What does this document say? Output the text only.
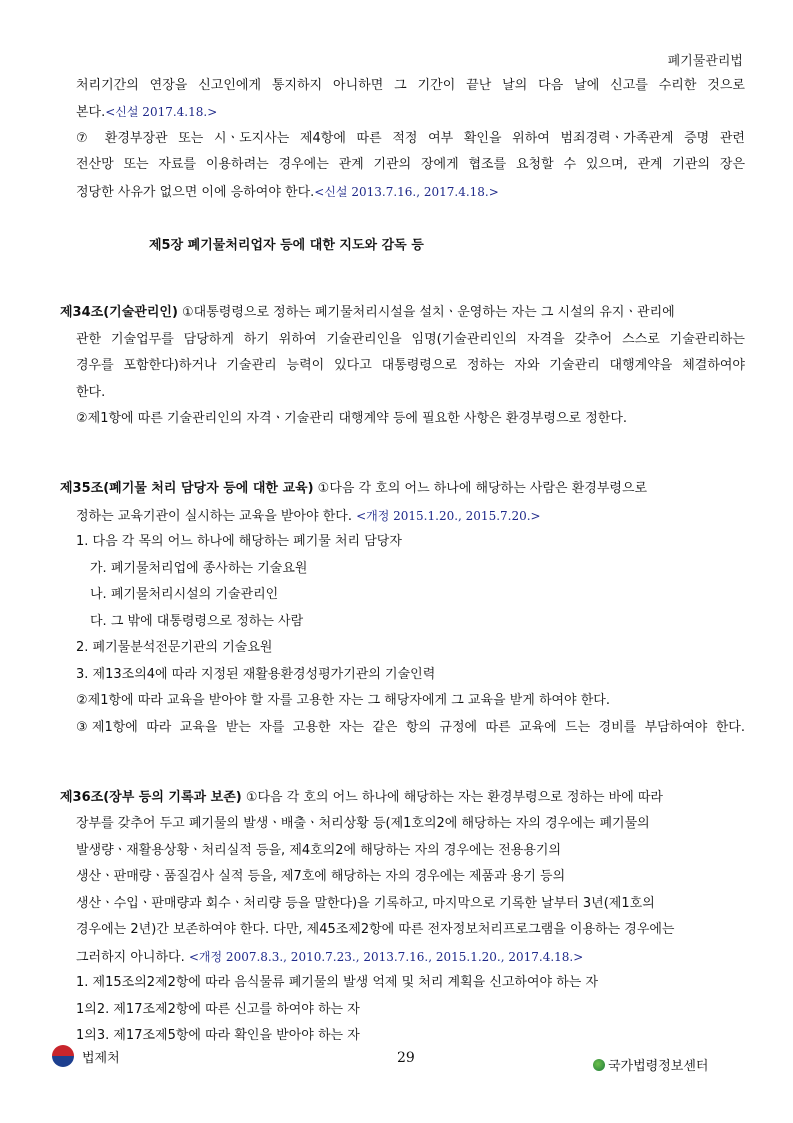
폐기물관리법
처리기간의 연장을 신고인에게 통지하지 아니하면 그 기간이 끝난 날의 다음 날에 신고를 수리한 것으로
본다.<신설 2017.4.18.>
⑦ 환경부장관 또는 시ㆍ도지사는 제4항에 따른 적정 여부 확인을 위하여 범죄경력ㆍ가족관계 증명 관련
전산망 또는 자료를 이용하려는 경우에는 관계 기관의 장에게 협조를 요청할 수 있으며, 관계 기관의 장은
정당한 사유가 없으면 이에 응하여야 한다.<신설 2013.7.16., 2017.4.18.>
제5장 폐기물처리업자 등에 대한 지도와 감독 등
제34조(기술관리인) ①대통령령으로 정하는 폐기물처리시설을 설치ㆍ운영하는 자는 그 시설의 유지ㆍ관리에
관한 기술업무를 담당하게 하기 위하여 기술관리인을 임명(기술관리인의 자격을 갖추어 스스로 기술관리하는
경우를 포함한다)하거나 기술관리 능력이 있다고 대통령령으로 정하는 자와 기술관리 대행계약을 체결하여야
한다.
②제1항에 따른 기술관리인의 자격ㆍ기술관리 대행계약 등에 필요한 사항은 환경부령으로 정한다.
제35조(폐기물 처리 담당자 등에 대한 교육) ①다음 각 호의 어느 하나에 해당하는 사람은 환경부령으로
정하는 교육기관이 실시하는 교육을 받아야 한다. <개정 2015.1.20., 2015.7.20.>
1. 다음 각 목의 어느 하나에 해당하는 폐기물 처리 담당자
가. 폐기물처리업에 종사하는 기술요원
나. 폐기물처리시설의 기술관리인
다. 그 밖에 대통령령으로 정하는 사람
2. 폐기물분석전문기관의 기술요원
3. 제13조의4에 따라 지정된 재활용환경성평가기관의 기술인력
②제1항에 따라 교육을 받아야 할 자를 고용한 자는 그 해당자에게 그 교육을 받게 하여야 한다.
③제1항에 따라 교육을 받는 자를 고용한 자는 같은 항의 규정에 따른 교육에 드는 경비를 부담하여야 한다.
제36조(장부 등의 기록과 보존) ①다음 각 호의 어느 하나에 해당하는 자는 환경부령으로 정하는 바에 따라
장부를 갖추어 두고 폐기물의 발생ㆍ배출ㆍ처리상황 등(제1호의2에 해당하는 자의 경우에는 폐기물의
발생량ㆍ재활용상황ㆍ처리실적 등을, 제4호의2에 해당하는 자의 경우에는 전용용기의
생산ㆍ판매량ㆍ품질검사 실적 등을, 제7호에 해당하는 자의 경우에는 제품과 용기 등의
생산ㆍ수입ㆍ판매량과 회수ㆍ처리량 등을 말한다)을 기록하고, 마지막으로 기록한 날부터 3년(제1호의
경우에는 2년)간 보존하여야 한다. 다만, 제45조제2항에 따른 전자정보처리프로그램을 이용하는 경우에는
그러하지 아니하다. <개정 2007.8.3., 2010.7.23., 2013.7.16., 2015.1.20., 2017.4.18.>
1. 제15조의2제2항에 따라 음식물류 폐기물의 발생 억제 및 처리 계획을 신고하여야 하는 자
1의2. 제17조제2항에 따른 신고를 하여야 하는 자
1의3. 제17조제5항에 따라 확인을 받아야 하는 자
법제처	29
국가법령정보센터
